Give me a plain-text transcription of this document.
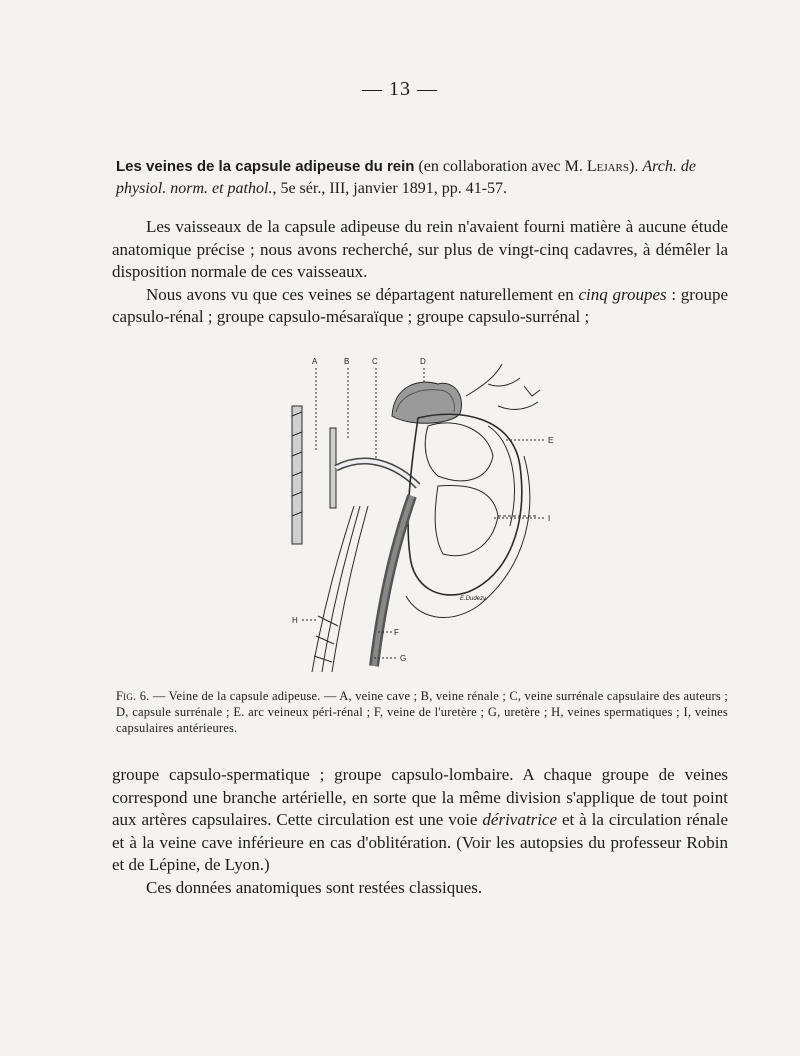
— 13 —
Les veines de la capsule adipeuse du rein (en collaboration avec M. Lejars). Arch. de physiol. norm. et pathol., 5e sér., III, janvier 1891, pp. 41-57.

Les vaisseaux de la capsule adipeuse du rein n'avaient fourni matière à aucune étude anatomique précise ; nous avons recherché, sur plus de vingt-cinq cadavres, à démêler la disposition normale de ces vaisseaux.

Nous avons vu que ces veines se départagent naturellement en cinq groupes : groupe capsulo-rénal ; groupe capsulo-mésaraïque ; groupe capsulo-surrénal ;

A	B	C	D
E
I
F
G
H
E.Dudezy.
Fig. 6. — Veine de la capsule adipeuse. — A, veine cave ; B, veine rénale ; C, veine surrénale capsulaire des auteurs ; D, capsule surrénale ; E. arc veineux péri-rénal ; F, veine de l'uretère ; G, uretère ; H, veines spermatiques ; I, veines capsulaires antérieures.

groupe capsulo-spermatique ; groupe capsulo-lombaire. A chaque groupe de veines correspond une branche artérielle, en sorte que la même division s'applique de tout point aux artères capsulaires. Cette circulation est une voie dérivatrice et à la circulation rénale et à la veine cave inférieure en cas d'oblitération. (Voir les autopsies du professeur Robin et de Lépine, de Lyon.)

Ces données anatomiques sont restées classiques.
